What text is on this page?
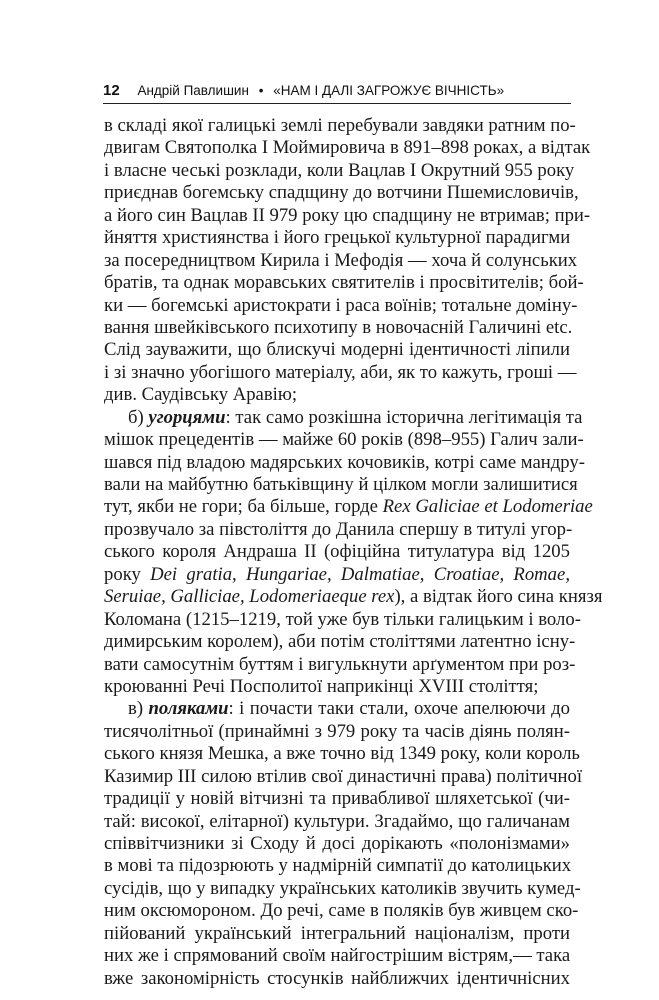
12 Андрій Павлишин • «НАМ І ДАЛІ ЗАГРОЖУЄ ВІЧНІСТЬ»
в складі якої галицькі землі перебували завдяки ратним по-
двигам Святополка I Моймировича в 891–898 роках, а відтак
і власне чеські розклади, коли Вацлав I Окрутний 955 року
приєднав богемську спадщину до вотчини Пшемисловичів,
а його син Вацлав II 979 року цю спадщину не втримав; при-
йняття християнства і його грецької культурної парадигми
за посередництвом Кирила і Мефодія — хоча й солунських
братів, та однак моравських святителів і просвітителів; бой-
ки — богемські аристократи і раса воїнів; тотальне доміну-
вання швейківського психотипу в новочасній Галичині etc.
Слід зауважити, що блискучі модерні ідентичності ліпили
і зі значно убогішого матеріалу, аби, як то кажуть, гроші —
див. Саудівську Аравію;
б) угорцями: так само розкішна історична легітимація та
мішок прецедентів — майже 60 років (898–955) Галич зали-
шався під владою мадярських кочовиків, котрі саме мандру-
вали на майбутню батьківщину й цілком могли залишитися
тут, якби не гори; ба більше, горде Rex Galiciae et Lodomeriae
прозвучало за півстоліття до Данила спершу в титулі угор-
ського короля Андраша II (офіційна титулатура від 1205
року Dei gratia, Hungariae, Dalmatiae, Croatiae, Romae,
Seruiae, Galliciae, Lodomeriaeque rex), а відтак його сина князя
Коломана (1215–1219, той уже був тільки галицьким і воло-
димирським королем), аби потім століттями латентно існу-
вати самосутнім буттям і вигулькнути арґументом при роз-
кроюванні Речі Посполитої наприкінці XVIII століття;
в) поляками: і почасти таки стали, охоче апелюючи до
тисячолітньої (принаймні з 979 року та часів діянь полян-
ського князя Мешка, а вже точно від 1349 року, коли король
Казимир III силою втілив свої династичні права) політичної
традиції у новій вітчизні та привабливої шляхетської (чи-
тай: високої, елітарної) культури. Згадаймо, що галичанам
співвітчизники зі Сходу й досі дорікають «полонізмами»
в мові та підозрюють у надмірній симпатії до католицьких
сусідів, що у випадку українських католиків звучить кумед-
ним оксюмороном. До речі, саме в поляків був живцем ско-
пійований український інтегральний націоналізм, проти
них же і спрямований своїм найгострішим вістрям,— така
вже закономірність стосунків найближчих ідентичнісних
